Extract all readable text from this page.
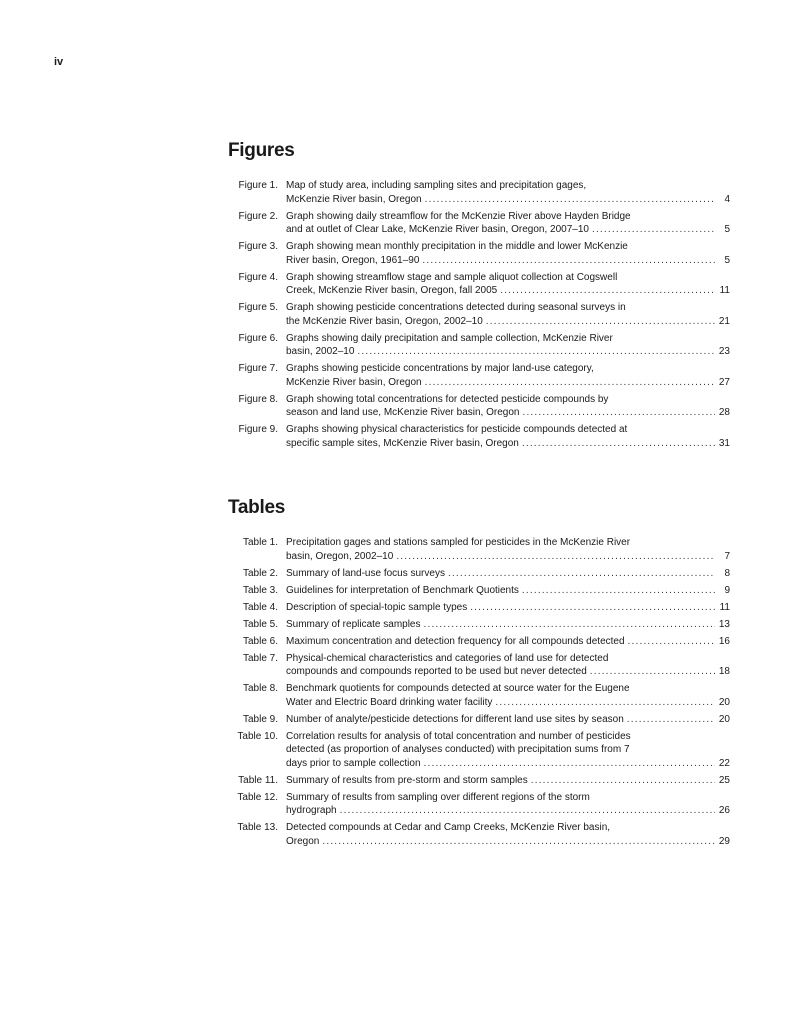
iv
Figures
Figure 1. Map of study area, including sampling sites and precipitation gages,
McKenzie River basin, Oregon .....	4
Figure 2. Graph showing daily streamflow for the McKenzie River above Hayden Bridge
and at outlet of Clear Lake, McKenzie River basin, Oregon, 2007–10 .....	5
Figure 3. Graph showing mean monthly precipitation in the middle and lower McKenzie
River basin, Oregon, 1961–90 .....	5
Figure 4. Graph showing streamflow stage and sample aliquot collection at Cogswell
Creek, McKenzie River basin, Oregon, fall 2005 .....	11
Figure 5. Graph showing pesticide concentrations detected during seasonal surveys in
the McKenzie River basin, Oregon, 2002–10 .....	21
Figure 6. Graphs showing daily precipitation and sample collection, McKenzie River
basin, 2002–10 .....	23
Figure 7. Graphs showing pesticide concentrations by major land-use category,
McKenzie River basin, Oregon .....	27
Figure 8. Graph showing total concentrations for detected pesticide compounds by
season and land use, McKenzie River basin, Oregon .....	28
Figure 9. Graphs showing physical characteristics for pesticide compounds detected at
specific sample sites, McKenzie River basin, Oregon .....	31
Tables
Table 1. Precipitation gages and stations sampled for pesticides in the McKenzie River
basin, Oregon, 2002–10 .....	7
Table 2. Summary of land-use focus surveys .....	8
Table 3. Guidelines for interpretation of Benchmark Quotients .....	9
Table 4. Description of special-topic sample types .....	11
Table 5. Summary of replicate samples .....	13
Table 6. Maximum concentration and detection frequency for all compounds detected .....	16
Table 7. Physical-chemical characteristics and categories of land use for detected
compounds and compounds reported to be used but never detected .....	18
Table 8. Benchmark quotients for compounds detected at source water for the Eugene
Water and Electric Board drinking water facility .....	20
Table 9. Number of analyte/pesticide detections for different land use sites by season .....	20
Table 10. Correlation results for analysis of total concentration and number of pesticides
detected (as proportion of analyses conducted) with precipitation sums from 7
days prior to sample collection .....	22
Table 11. Summary of results from pre-storm and storm samples .....	25
Table 12. Summary of results from sampling over different regions of the storm
hydrograph .....	26
Table 13. Detected compounds at Cedar and Camp Creeks, McKenzie River basin,
Oregon .....	29
